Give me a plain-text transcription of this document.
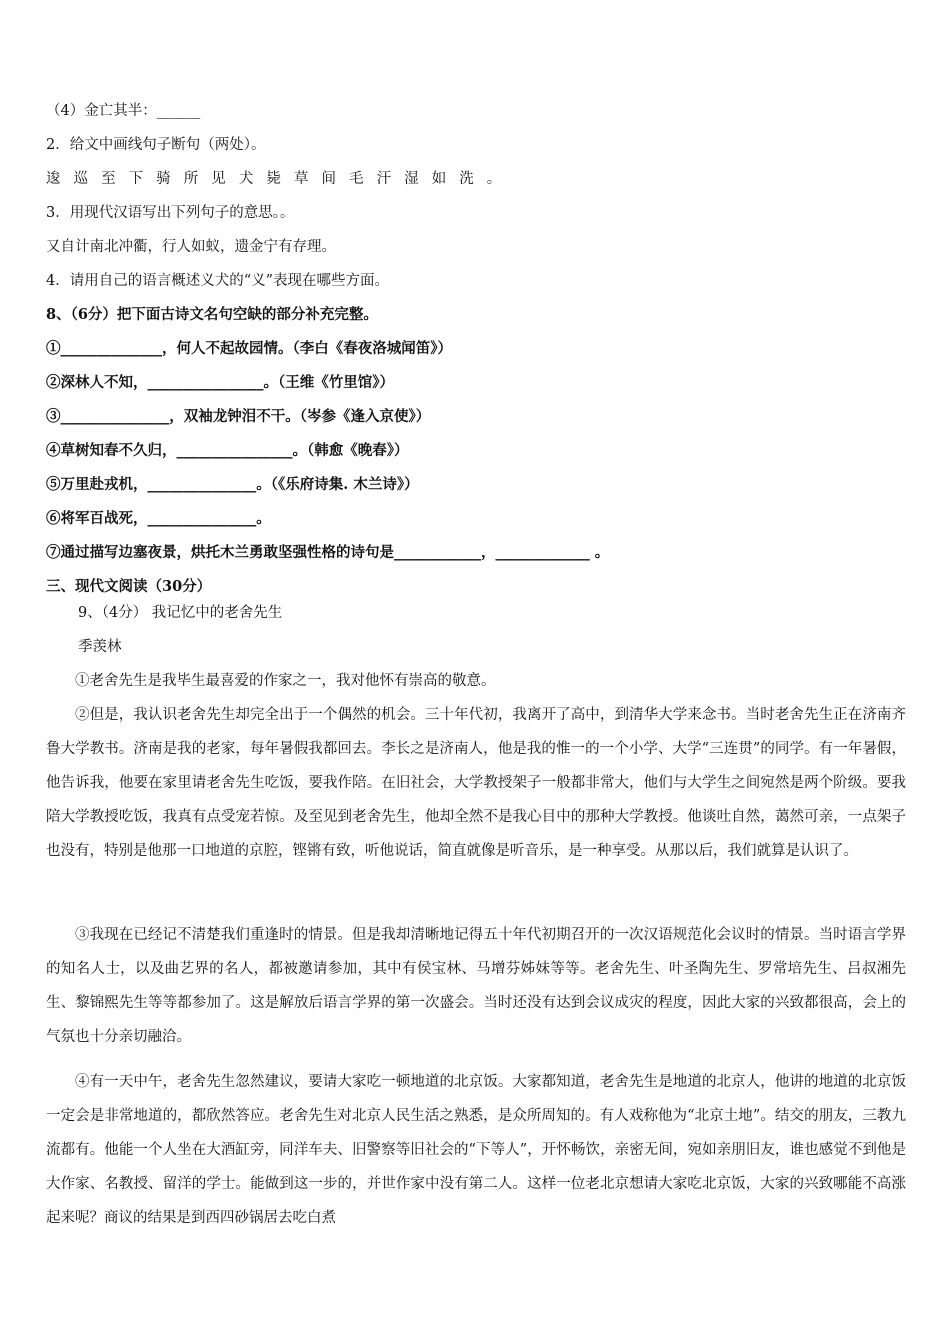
（4）金亡其半：______
2．给文中画线句子断句（两处）。
逡巡至下骑所见犬毙草间毛汗湿如洗。
3．用现代汉语写出下列句子的意思。。
又自计南北冲衢，行人如蚁，遗金宁有存理。
4．请用自己的语言概述义犬的“义”表现在哪些方面。
8、（6分）把下面古诗文名句空缺的部分补充完整。
①______________，何人不起故园情。（李白《春夜洛城闻笛》）
②深林人不知，________________。（王维《竹里馆》）
③_______________，双袖龙钟泪不干。（岑参《逢入京使》）
④草树知春不久归，________________。（韩愈《晚春》）
⑤万里赴戎机，_______________。（《乐府诗集. 木兰诗》）
⑥将军百战死，_______________。
⑦通过描写边塞夜景，烘托木兰勇敢坚强性格的诗句是____________，_____________ 。
三、现代文阅读（30分）
9、（4分） 我记忆中的老舍先生
季羡林
①老舍先生是我毕生最喜爱的作家之一，我对他怀有崇高的敬意。
②但是，我认识老舍先生却完全出于一个偶然的机会。三十年代初，我离开了高中，到清华大学来念书。当时老舍先生正在济南齐鲁大学教书。济南是我的老家，每年暑假我都回去。李长之是济南人，他是我的惟一的一个小学、大学“三连贯”的同学。有一年暑假，他告诉我，他要在家里请老舍先生吃饭，要我作陪。在旧社会，大学教授架子一般都非常大，他们与大学生之间宛然是两个阶级。要我陪大学教授吃饭，我真有点受宠若惊。及至见到老舍先生，他却全然不是我心目中的那种大学教授。他谈吐自然，蔼然可亲，一点架子也没有，特别是他那一口地道的京腔，铿锵有致，听他说话，简直就像是听音乐，是一种享受。从那以后，我们就算是认识了。
③我现在已经记不清楚我们重逢时的情景。但是我却清晰地记得五十年代初期召开的一次汉语规范化会议时的情景。当时语言学界的知名人士，以及曲艺界的名人，都被邀请参加，其中有侯宝林、马增芬姊妹等等。老舍先生、叶圣陶先生、罗常培先生、吕叔湘先生、黎锦熙先生等等都参加了。这是解放后语言学界的第一次盛会。当时还没有达到会议成灾的程度，因此大家的兴致都很高，会上的气氛也十分亲切融洽。
④有一天中午，老舍先生忽然建议，要请大家吃一顿地道的北京饭。大家都知道，老舍先生是地道的北京人，他讲的地道的北京饭一定会是非常地道的，都欣然答应。老舍先生对北京人民生活之熟悉，是众所周知的。有人戏称他为“北京土地”。结交的朋友，三教九流都有。他能一个人坐在大酒缸旁，同洋车夫、旧警察等旧社会的“下等人”，开怀畅饮，亲密无间，宛如亲朋旧友，谁也感觉不到他是大作家、名教授、留洋的学士。能做到这一步的，并世作家中没有第二人。这样一位老北京想请大家吃北京饭，大家的兴致哪能不高涨起来呢？商议的结果是到西四砂锅居去吃白煮
